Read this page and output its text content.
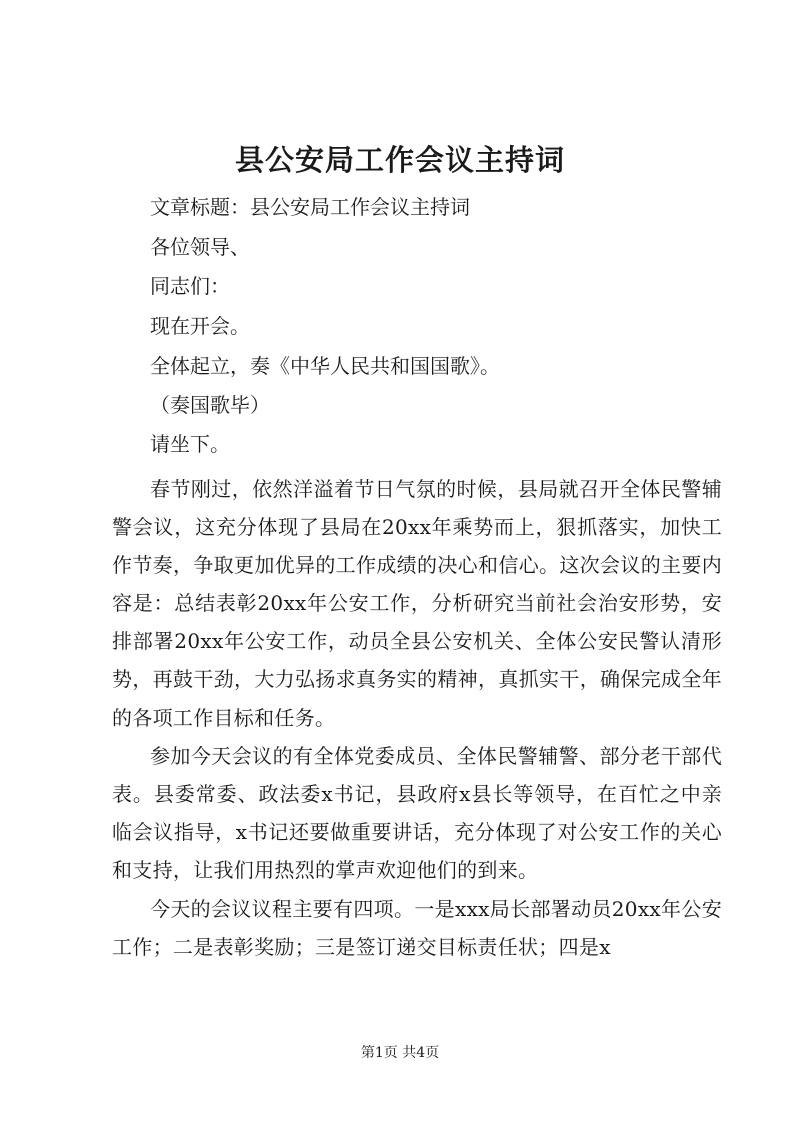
县公安局工作会议主持词
文章标题：县公安局工作会议主持词
各位领导、
同志们：
现在开会。
全体起立，奏《中华人民共和国国歌》。
（奏国歌毕）
请坐下。
春节刚过，依然洋溢着节日气氛的时候，县局就召开全体民警辅警会议，这充分体现了县局在20xx年乘势而上，狠抓落实，加快工作节奏，争取更加优异的工作成绩的决心和信心。这次会议的主要内容是：总结表彰20xx年公安工作，分析研究当前社会治安形势，安排部署20xx年公安工作，动员全县公安机关、全体公安民警认清形势，再鼓干劲，大力弘扬求真务实的精神，真抓实干，确保完成全年的各项工作目标和任务。
参加今天会议的有全体党委成员、全体民警辅警、部分老干部代表。县委常委、政法委x书记，县政府x县长等领导，在百忙之中亲临会议指导，x书记还要做重要讲话，充分体现了对公安工作的关心和支持，让我们用热烈的掌声欢迎他们的到来。
今天的会议议程主要有四项。一是xxx局长部署动员20xx年公安工作；二是表彰奖励；三是签订递交目标责任状；四是x
第1页 共4页
